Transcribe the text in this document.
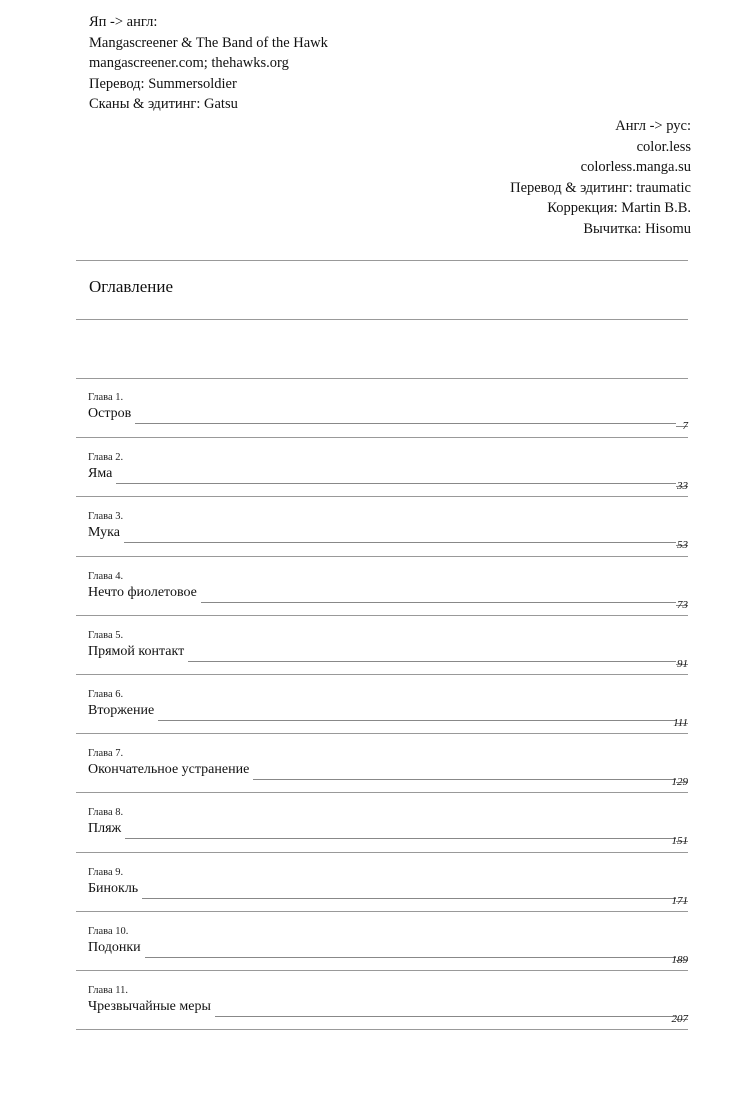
Яп -> англ:
Mangascreener & The Band of the Hawk
mangascreener.com; thehawks.org
Перевод: Summersoldier
Сканы & эдитинг: Gatsu
Англ -> рус:
color.less
colorless.manga.su
Перевод & эдитинг: traumatic
Коррекция: Martin B.B.
Вычитка: Hisomu
Оглавление
Глава 1.
Остров
7
Глава 2.
Яма
33
Глава 3.
Мука
53
Глава 4.
Нечто фиолетовое
73
Глава 5.
Прямой контакт
91
Глава 6.
Вторжение
111
Глава 7.
Окончательное устранение
129
Глава 8.
Пляж
151
Глава 9.
Бинокль
171
Глава 10.
Подонки
189
Глава 11.
Чрезвычайные меры
207
